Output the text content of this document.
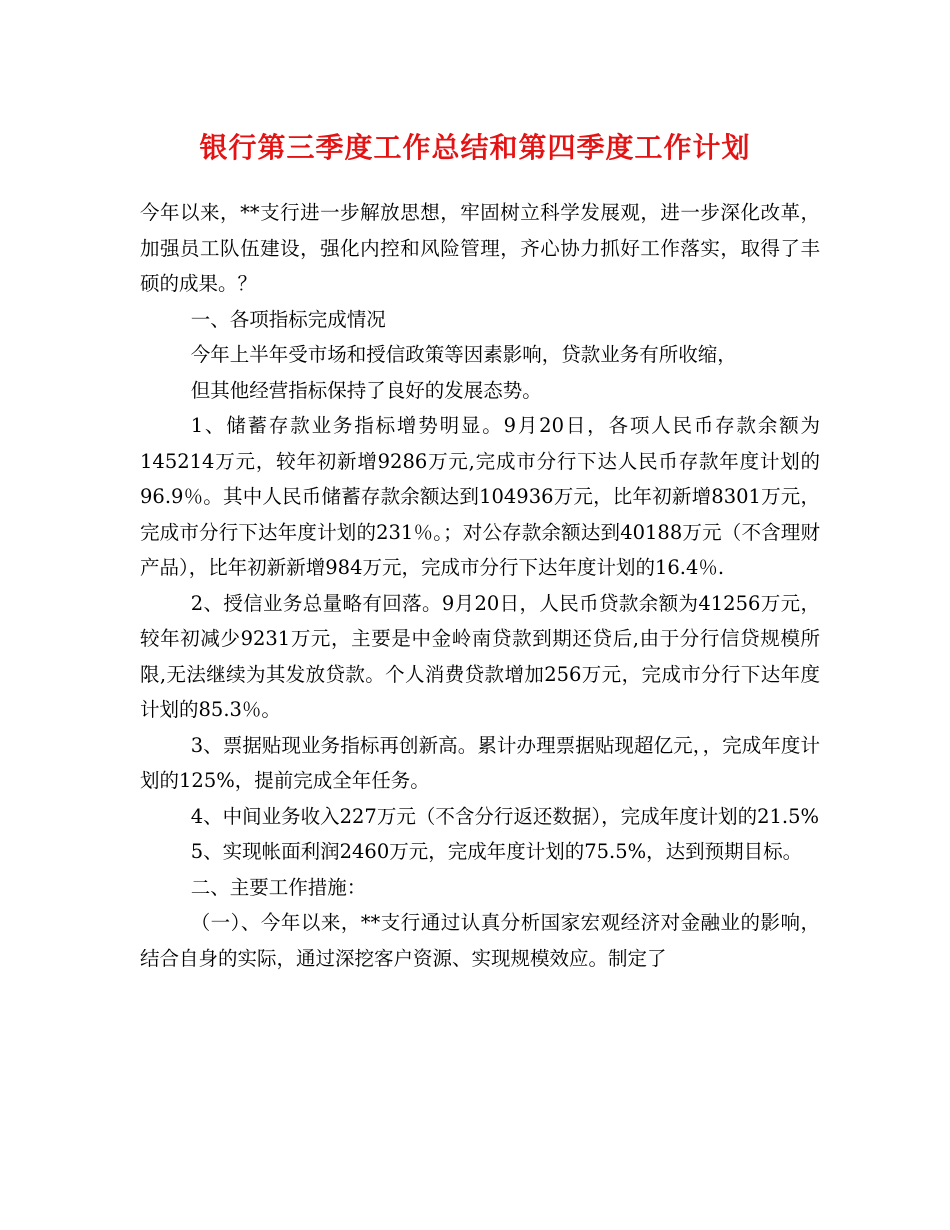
银行第三季度工作总结和第四季度工作计划

今年以来，**支行进一步解放思想，牢固树立科学发展观，进一步深化改革，加强员工队伍建设，强化内控和风险管理，齐心协力抓好工作落实，取得了丰硕的成果。？

一、各项指标完成情况

今年上半年受市场和授信政策等因素影响，贷款业务有所收缩，

但其他经营指标保持了良好的发展态势。

1、储蓄存款业务指标增势明显。9月20日，各项人民币存款余额为145214万元，较年初新增9286万元,完成市分行下达人民币存款年度计划的96.9％。其中人民币储蓄存款余额达到104936万元，比年初新增8301万元，完成市分行下达年度计划的231％。；对公存款余额达到40188万元（不含理财产品），比年初新新增984万元，完成市分行下达年度计划的16.4％.

2、授信业务总量略有回落。9月20日，人民币贷款余额为41256万元，较年初减少9231万元，主要是中金岭南贷款到期还贷后,由于分行信贷规模所限,无法继续为其发放贷款。个人消费贷款增加256万元，完成市分行下达年度计划的85.3％。

3、票据贴现业务指标再创新高。累计办理票据贴现超亿元，，完成年度计划的125%，提前完成全年任务。

4、中间业务收入227万元（不含分行返还数据），完成年度计划的21.5%

5、实现帐面利润2460万元，完成年度计划的75.5%，达到预期目标。

二、主要工作措施：

（一）、今年以来，**支行通过认真分析国家宏观经济对金融业的影响，结合自身的实际，通过深挖客户资源、实现规模效应。制定了
